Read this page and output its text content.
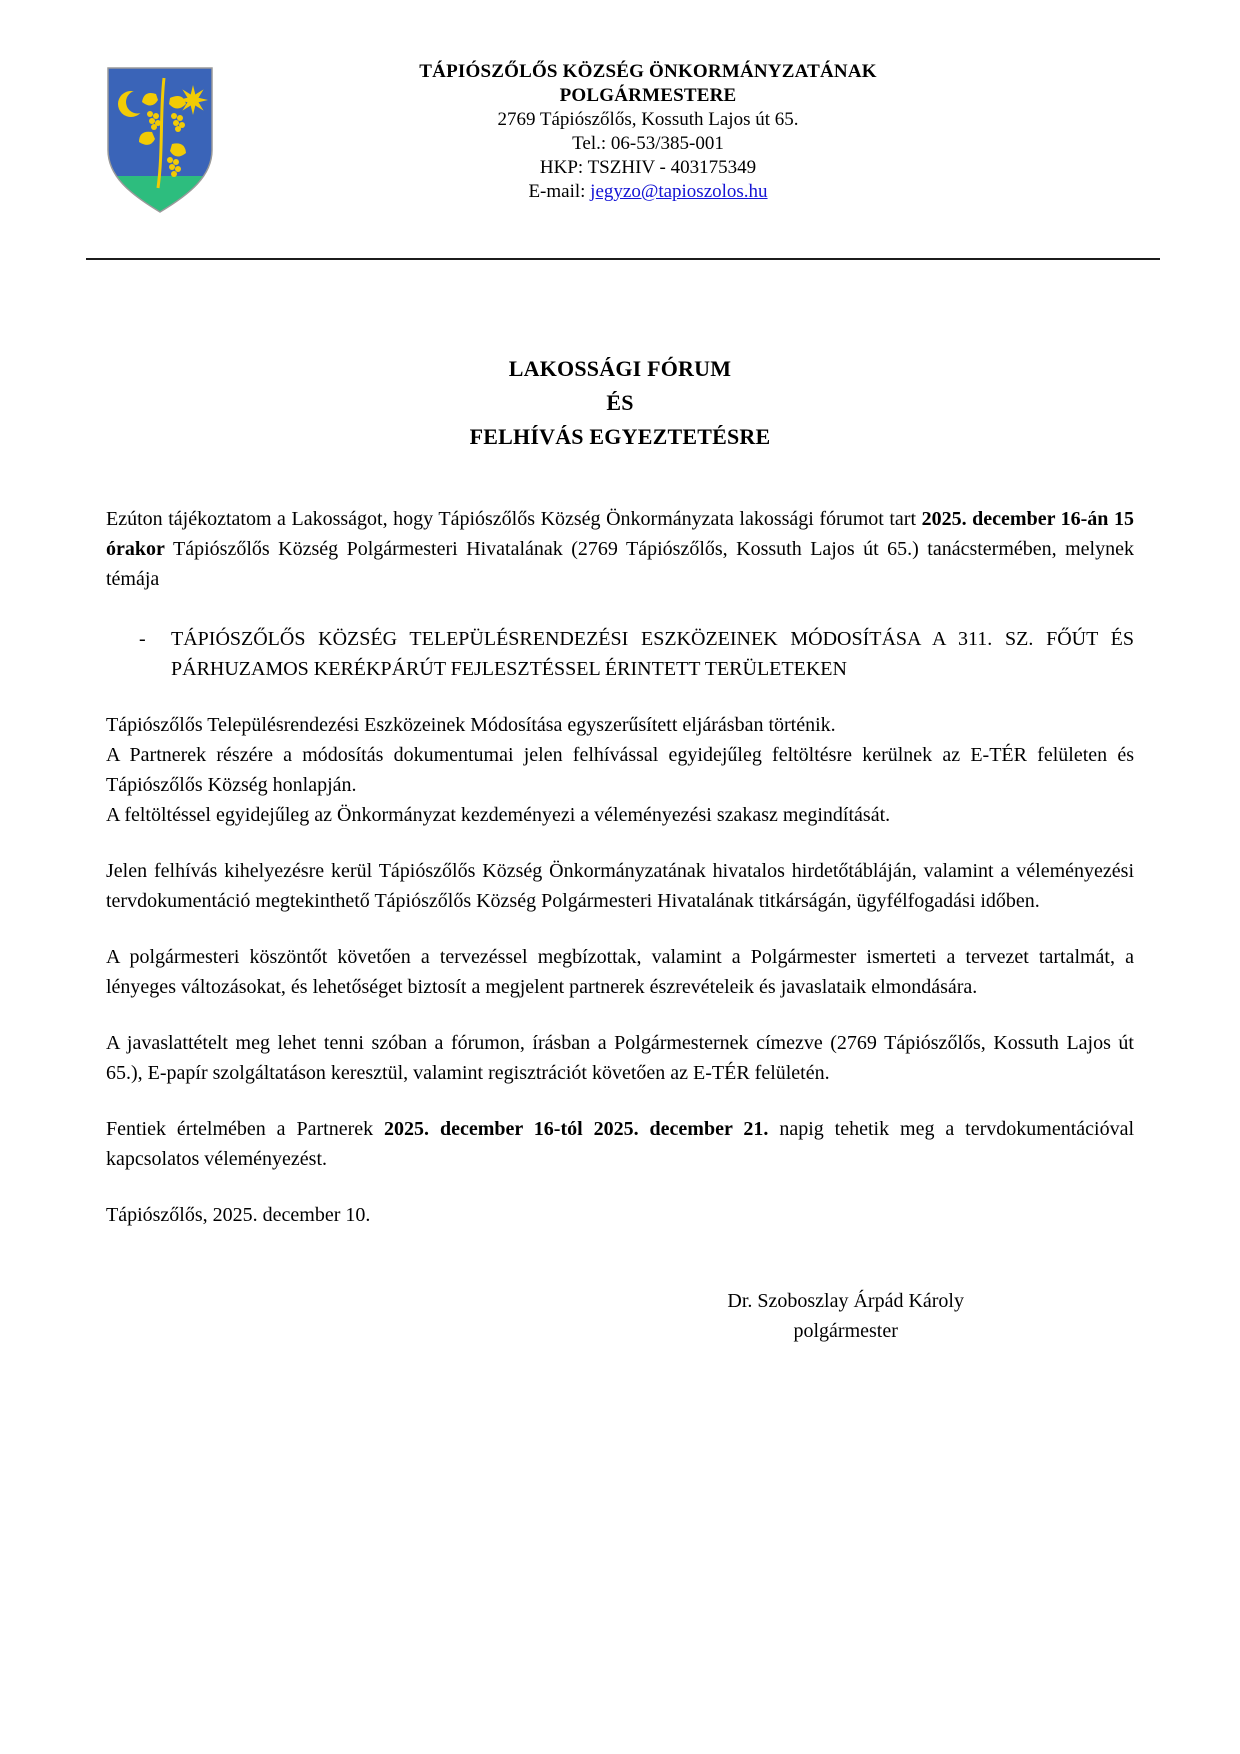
TÁPIÓSZŐLŐS KÖZSÉG ÖNKORMÁNYZATÁNAK
POLGÁRMESTERE
2769 Tápiószőlős, Kossuth Lajos út 65.
Tel.: 06-53/385-001
HKP: TSZHIV - 403175349
E-mail: jegyzo@tapioszolos.hu
LAKOSSÁGI FÓRUM
ÉS
FELHÍVÁS EGYEZTETÉSRE

Ezúton tájékoztatom a Lakosságot, hogy Tápiószőlős Község Önkormányzata lakossági fórumot tart 2025. december 16-án 15 órakor Tápiószőlős Község Polgármesteri Hivatalának (2769 Tápiószőlős, Kossuth Lajos út 65.) tanácstermében, melynek témája

-	TÁPIÓSZŐLŐS KÖZSÉG TELEPÜLÉSRENDEZÉSI ESZKÖZEINEK MÓDOSÍTÁSA A 311. SZ. FŐÚT ÉS PÁRHUZAMOS KERÉKPÁRÚT FEJLESZTÉSSEL ÉRINTETT TERÜLETEKEN

Tápiószőlős Településrendezési Eszközeinek Módosítása egyszerűsített eljárásban történik.

A Partnerek részére a módosítás dokumentumai jelen felhívással egyidejűleg feltöltésre kerülnek az E-TÉR felületen és Tápiószőlős Község honlapján.

A feltöltéssel egyidejűleg az Önkormányzat kezdeményezi a véleményezési szakasz megindítását.

Jelen felhívás kihelyezésre kerül Tápiószőlős Község Önkormányzatának hivatalos hirdetőtábláján, valamint a véleményezési tervdokumentáció megtekinthető Tápiószőlős Község Polgármesteri Hivatalának titkárságán, ügyfélfogadási időben.

A polgármesteri köszöntőt követően a tervezéssel megbízottak, valamint a Polgármester ismerteti a tervezet tartalmát, a lényeges változásokat, és lehetőséget biztosít a megjelent partnerek észrevételeik és javaslataik elmondására.

A javaslattételt meg lehet tenni szóban a fórumon, írásban a Polgármesternek címezve (2769 Tápiószőlős, Kossuth Lajos út 65.), E-papír szolgáltatáson keresztül, valamint regisztrációt követően az E-TÉR felületén.

Fentiek értelmében a Partnerek 2025. december 16-tól 2025. december 21. napig tehetik meg a tervdokumentációval kapcsolatos véleményezést.

Tápiószőlős, 2025. december 10.

Dr. Szoboszlay Árpád Károly
polgármester
